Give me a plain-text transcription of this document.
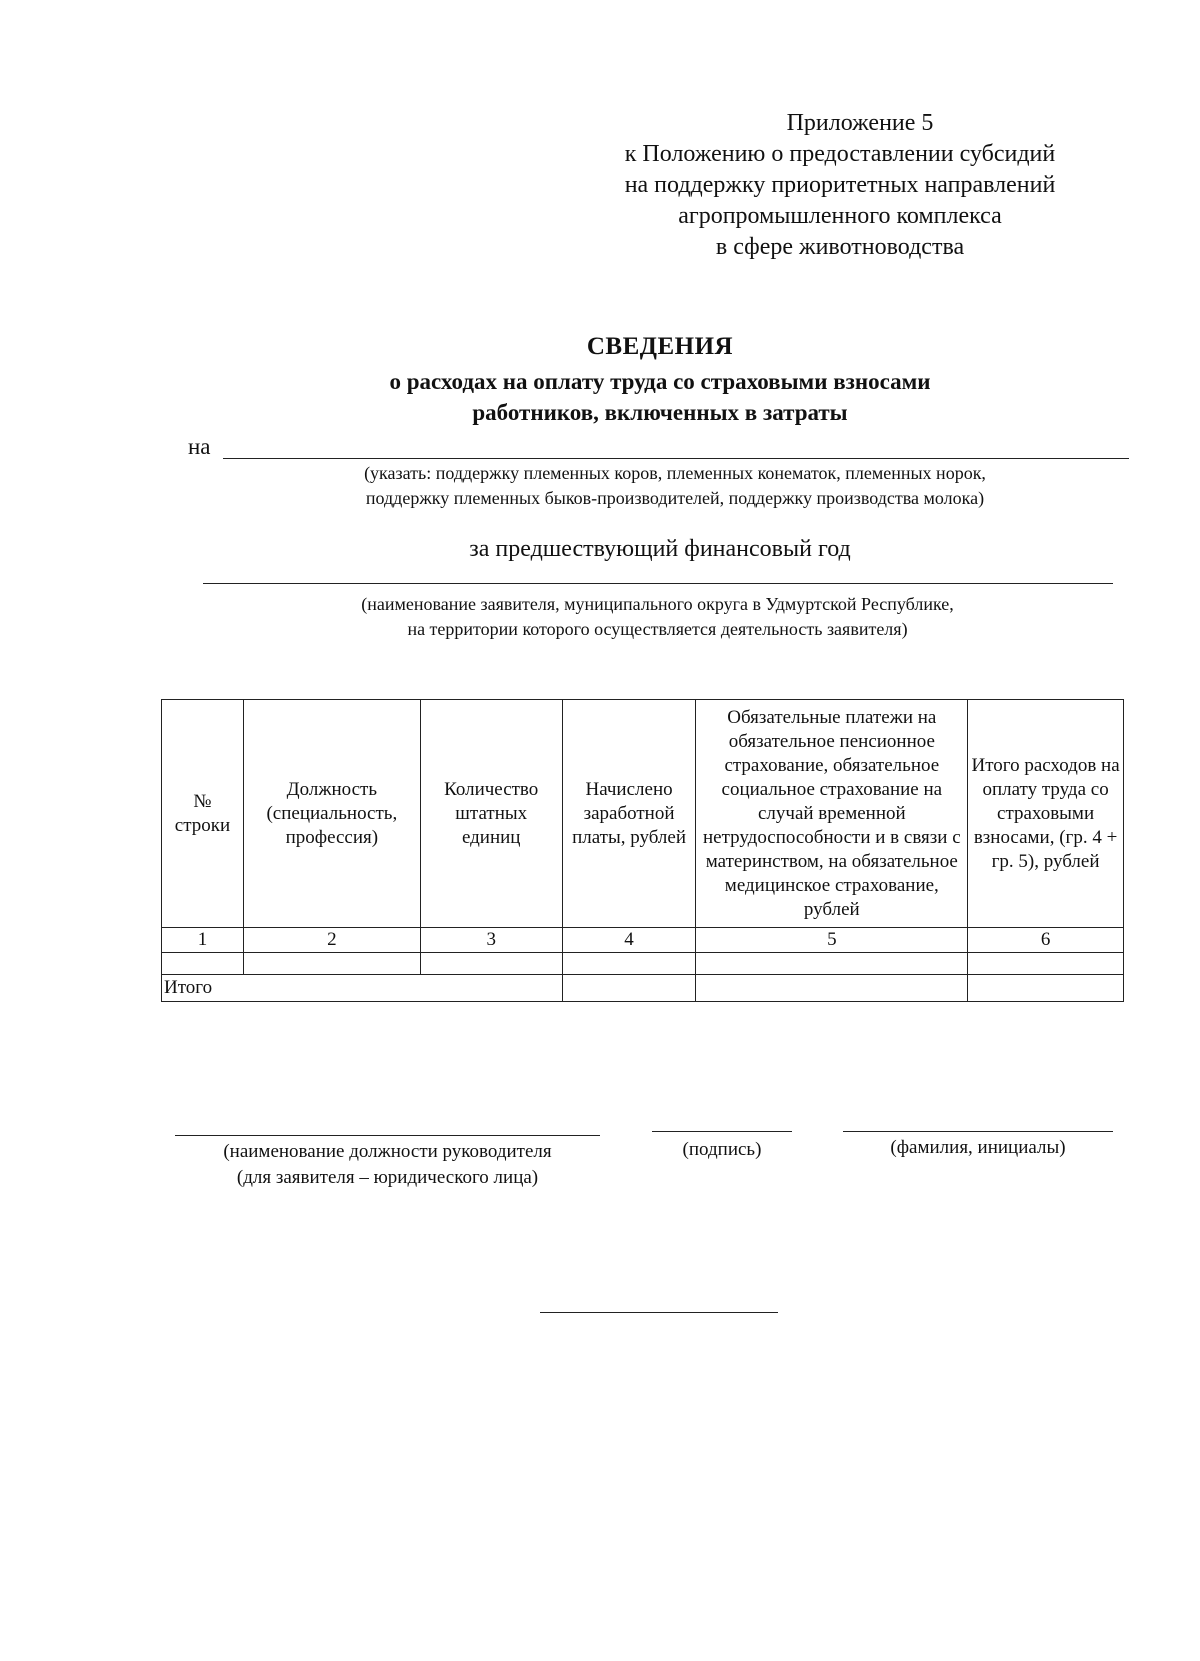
Приложение 5
к Положению о предоставлении субсидий
на поддержку приоритетных направлений
агропромышленного комплекса
в сфере животноводства
СВЕДЕНИЯ
о расходах на оплату труда со страховыми взносами
работников, включенных в затраты
на
(указать: поддержку племенных коров, племенных конематок, племенных норок,
поддержку племенных быков-производителей, поддержку производства молока)
за предшествующий финансовый год
(наименование заявителя, муниципального округа в Удмуртской Республике,
на территории которого осуществляется деятельность заявителя)
№ строки	Должность (специальность, профессия)	Количество штатных единиц	Начислено заработной платы, рублей	Обязательные платежи на обязательное пенсионное страхование, обязательное социальное страхование на случай временной нетрудоспособности и в связи с материнством, на обязательное медицинское страхование, рублей	Итого расходов на оплату труда со страховыми взносами, (гр. 4 + гр. 5), рублей
1	2	3	4	5	6

Итого					
(наименование должности руководителя
(для заявителя – юридического лица)
(подпись)	(фамилия, инициалы)
